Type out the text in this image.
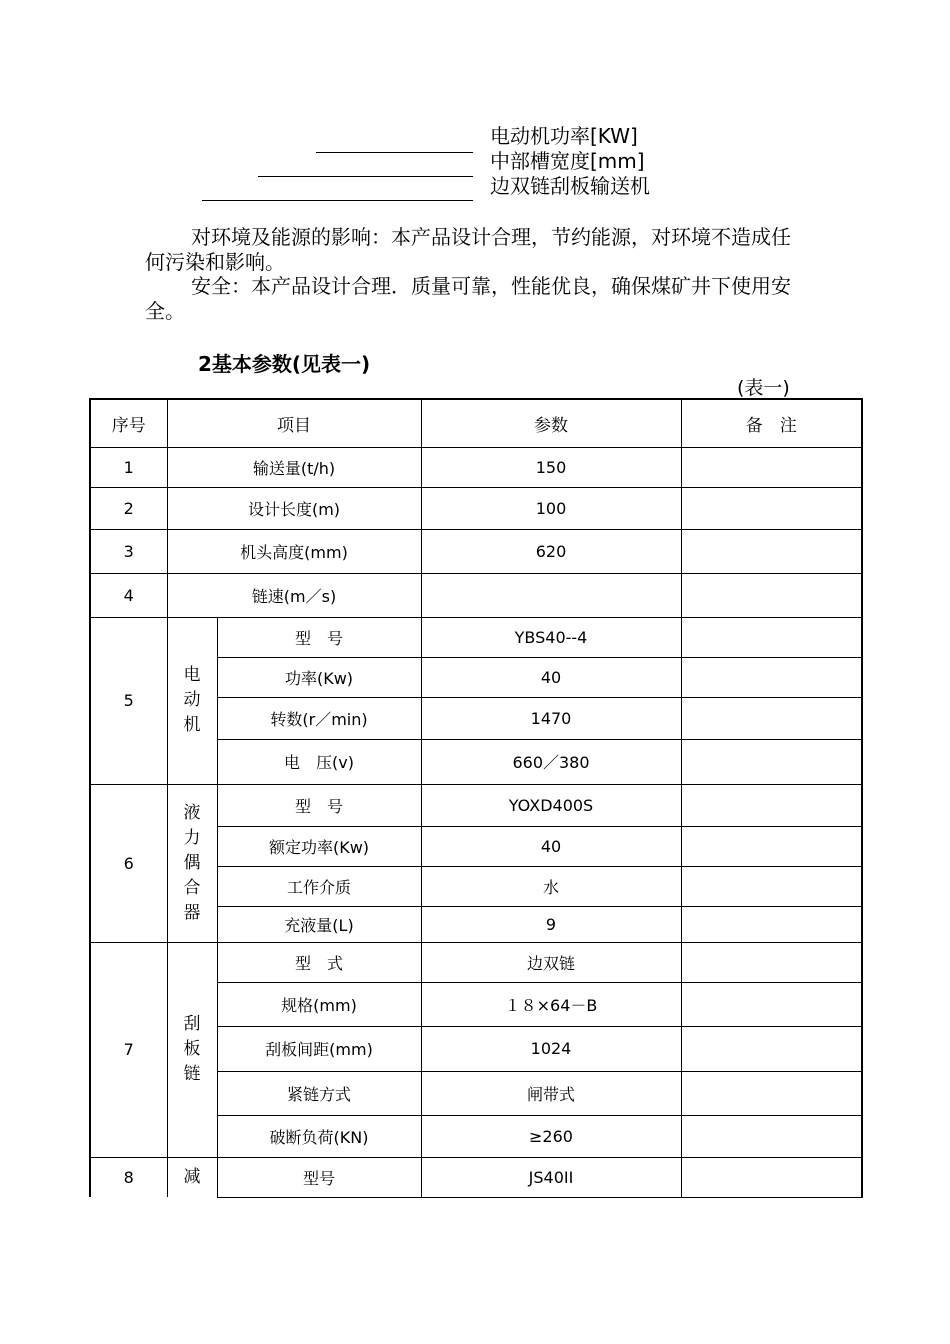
电动机功率[KW]
中部槽宽度[mm]
边双链刮板输送机
对环境及能源的影响：本产品设计合理，节约能源，对环境不造成任何污染和影响。
安全：本产品设计合理．质量可靠，性能优良，确保煤矿井下使用安全。
2基本参数(见表一)
(表一)
序号	项目		参数	备　注
1	输送量(t/h)		150	
2	设计长度(m)		100	
3	机头高度(mm)		620	
4	链速(m／s)			
5	电
动
机	型　号	YBS40--4	
		功率(Kw)	40	
		转数(r／min)	1470	
		电　压(v)	660／380	
6	液
力
偶
合
器	型　号	YOXD400S	
		额定功率(Kw)	40	
		工作介质	水	
		充液量(L)	9	
7	刮
板
链	型　式	边双链	
		规格(mm)	１８×64－B	
		刮板间距(mm)	1024	
		紧链方式	闸带式	
		破断负荷(KN)	≥260	
8	减	型号	JS40II	
